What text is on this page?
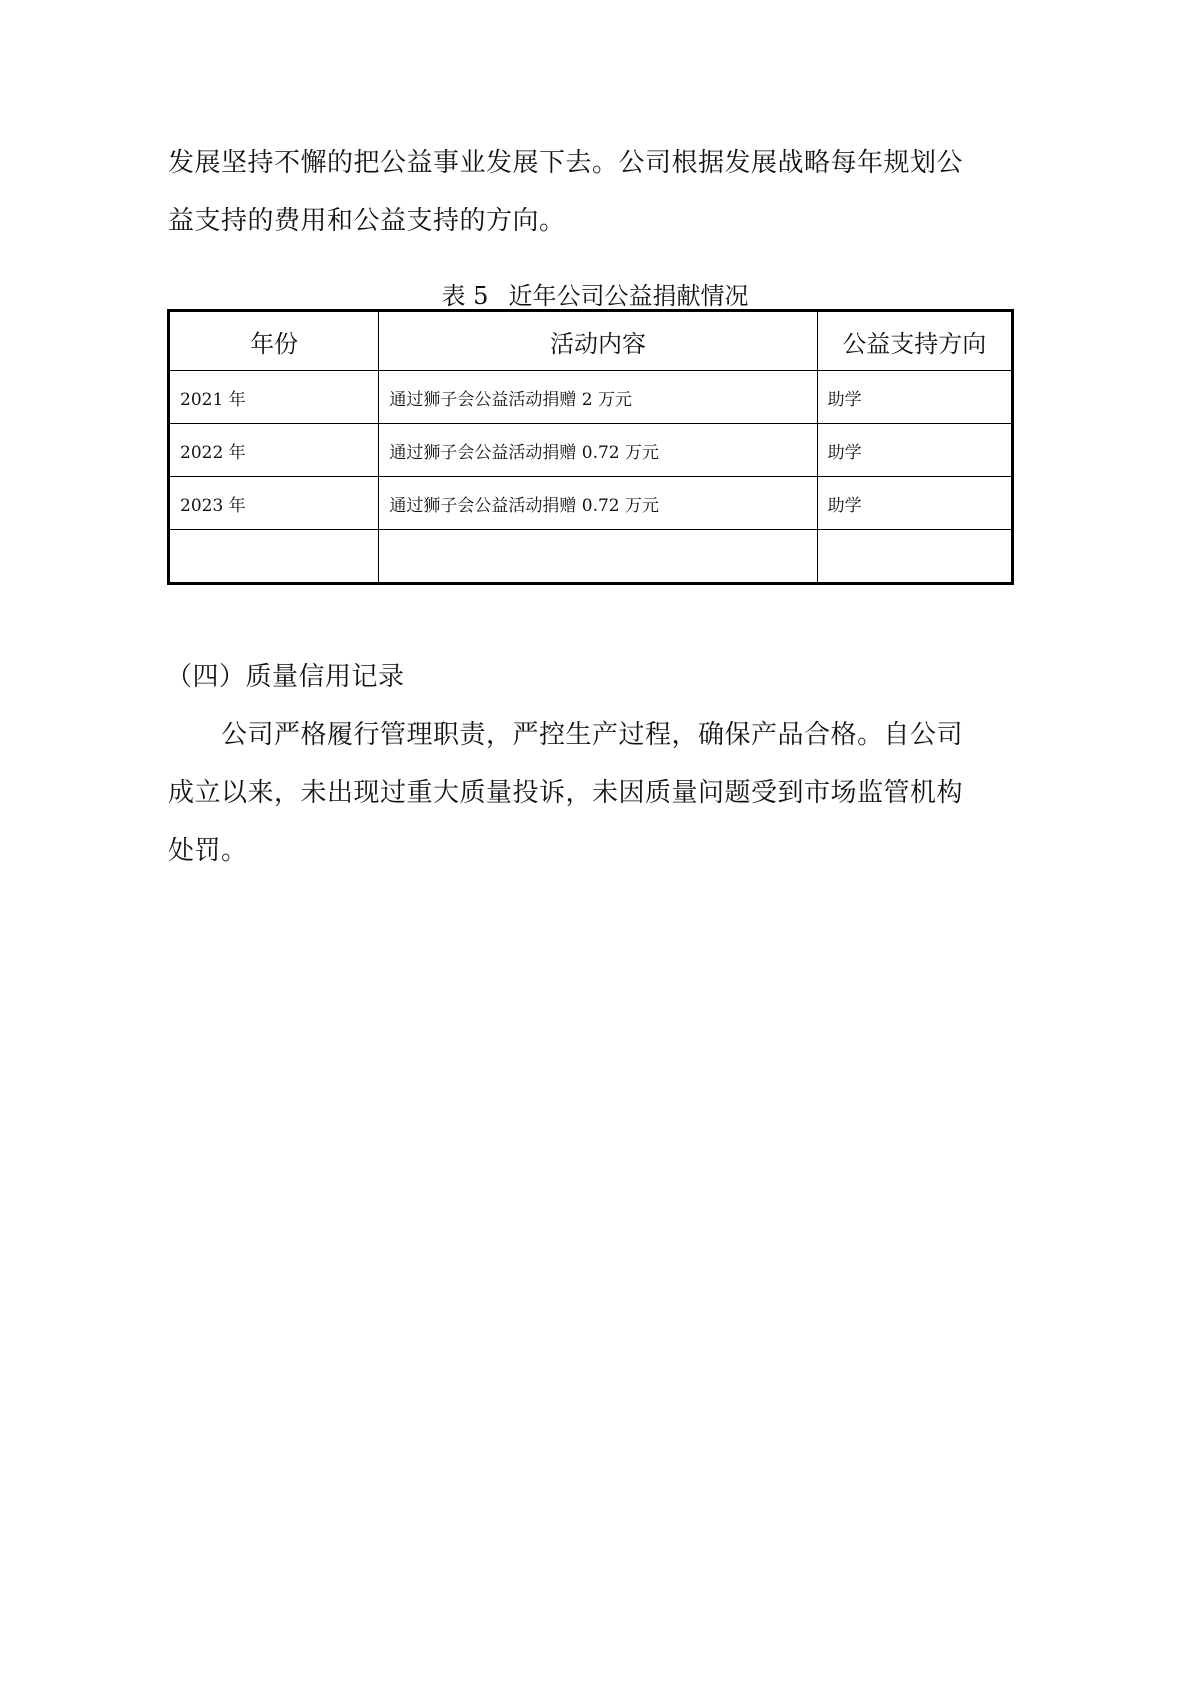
发展坚持不懈的把公益事业发展下去。公司根据发展战略每年规划公
益支持的费用和公益支持的方向。
表 5 近年公司公益捐献情况
年份	活动内容	公益支持方向
2021 年	通过狮子会公益活动捐赠 2 万元	助学
2022 年	通过狮子会公益活动捐赠 0.72 万元	助学
2023 年	通过狮子会公益活动捐赠 0.72 万元	助学

（四）质量信用记录
　　公司严格履行管理职责，严控生产过程，确保产品合格。自公司
成立以来，未出现过重大质量投诉，未因质量问题受到市场监管机构
处罚。
